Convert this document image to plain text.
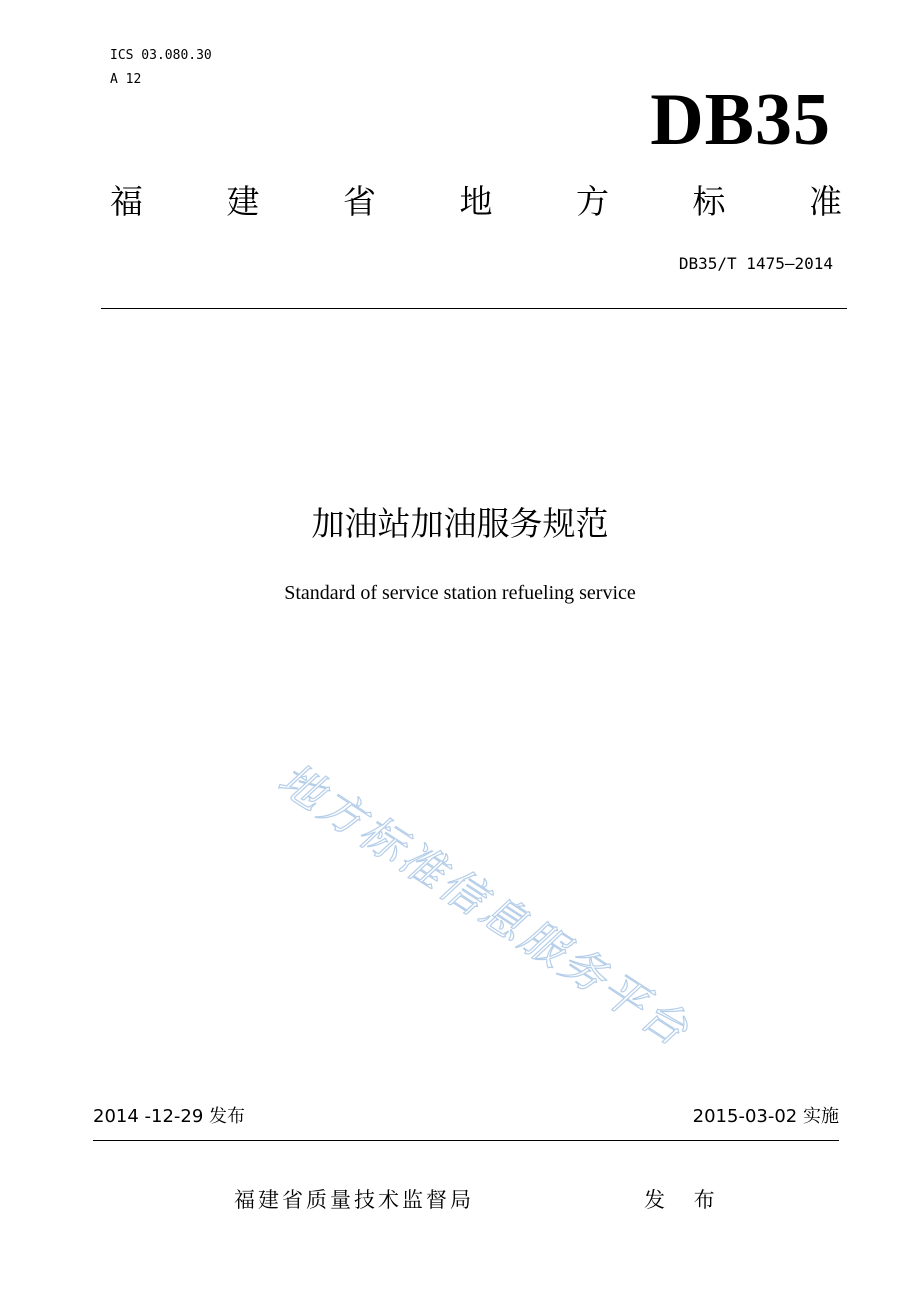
ICS 03.080.30
A 12	DB35
福	建	省	地	方	标	准
DB35/T 1475—2014
加油站加油服务规范
Standard of service station refueling service
地方标准信息服务平台
2014 -12-29 发布	2015-03-02 实施
福建省质量技术监督局	发 布
